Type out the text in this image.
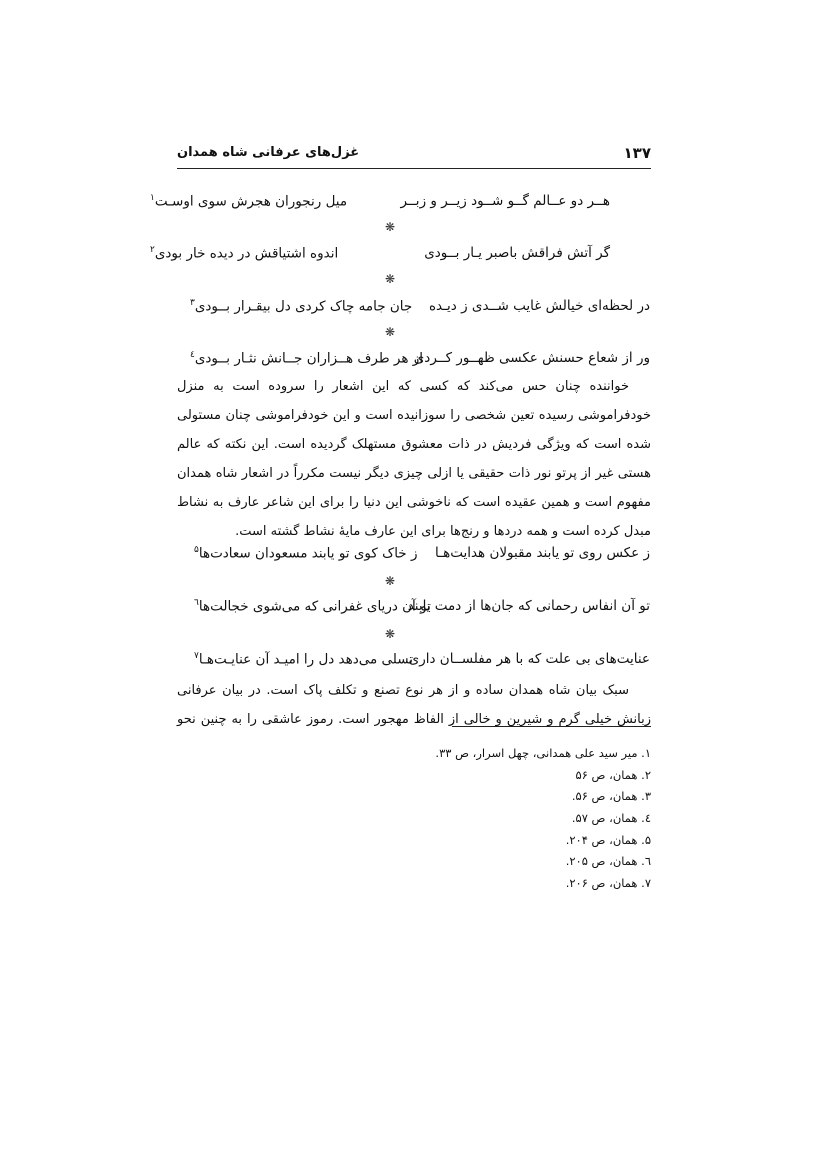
۱۳۷
غزل‌های عرفانی شاه همدان
هــر دو عــالم گــو شــود زیــر و زبــر
میل رنجوران هجرش سوی اوسـت$^۱$
❋
گر آتش فراقش باصبر یـار بــودی
اندوه اشتیاقش در دیده خار بودی$^۲$
❋
در لحظه‌ای خیالش غایب شــدی ز دیـده
جان جامه چاک کردی دل بیقـرار بــودی$^۳$
❋
ور از شعاع حسنش عکسی ظهــور کــردی
از هر طرف هــزاران جــانش نثـار بــودی$^٤$
خواننده چنان حس می‌کند که کسی که این اشعار را سروده است به منزل خودفراموشی رسیده تعین شخصی را سوزانیده است و این خودفراموشی چنان مستولی شده است که ویژگی فردیش در ذات معشوق مستهلک گردیده است. این نکته که عالم هستی غیر از پرتو نور ذات حقیقی یا ازلی چیزی دیگر نیست مکرراً در اشعار شاه همدان مفهوم است و همین عقیده است که ناخوشی این دنیا را برای این شاعر عارف به نشاط مبدل کرده است و همه دردها و رنج‌ها برای این عارف مایهٔ نشاط گشته است.
ز عکس روی تو یابند مقبولان هدایت‌هـا
ز خاک کوی تو یابند مسعودان سعادت‌ها$^۵$
❋
تو آن انفاس رحمانی که جان‌ها از دمت یابند
تو آن دریای غفرانی که می‌شوی خجالت‌ها$^٦$
❋
عنایت‌های بی علت که با هر مفلســان داری
تسلی می‌دهد دل را امیـد آن عنایـت‌هـا$^۷$
سبک بیان شاه همدان ساده و از هر نوع تصنع و تکلف پاک است. در بیان عرفانی زبانش خیلی گرم و شیرین و خالی از الفاظ مهجور است. رموز عاشقی را به چنین نحو
۱. میر سید علی همدانی، چهل اسرار، ص ۳۳.
۲. همان، ص ۵۶
۳. همان، ص ۵۶.
٤. همان، ص ۵۷.
۵. همان، ص ۲۰۴.
٦. همان، ص ۲۰۵.
۷. همان، ص ۲۰۶.
